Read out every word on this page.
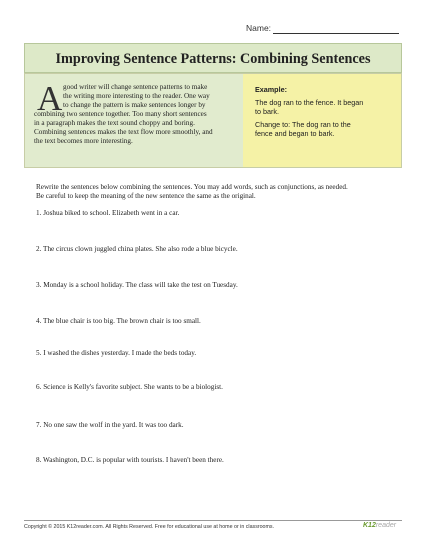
Name:
Improving Sentence Patterns: Combining Sentences
A good writer will change sentence patterns to make
the writing more interesting to the reader. One way
to change the pattern is make sentences longer by
combining two sentence together. Too many short sentences
in a paragraph makes the text sound choppy and boring.
Combining sentences makes the text flow more smoothly, and
the text becomes more interesting.
Example:
The dog ran to the fence. It began
to bark.
Change to: The dog ran to the
fence and began to bark.
Rewrite the sentences below combining the sentences. You may add words, such as conjunctions, as needed.
Be careful to keep the meaning of the new sentence the same as the original.
1. Joshua biked to school. Elizabeth went in a car.
2. The circus clown juggled china plates. She also rode a blue bicycle.
3. Monday is a school holiday. The class will take the test on Tuesday.
4. The blue chair is too big. The brown chair is too small.
5. I washed the dishes yesterday. I made the beds today.
6. Science is Kelly's favorite subject. She wants to be a biologist.
7. No one saw the wolf in the yard. It was too dark.
8. Washington, D.C. is popular with tourists. I haven't been there.
Copyright © 2015 K12reader.com. All Rights Reserved. Free for educational use at home or in classrooms.	K12reader
